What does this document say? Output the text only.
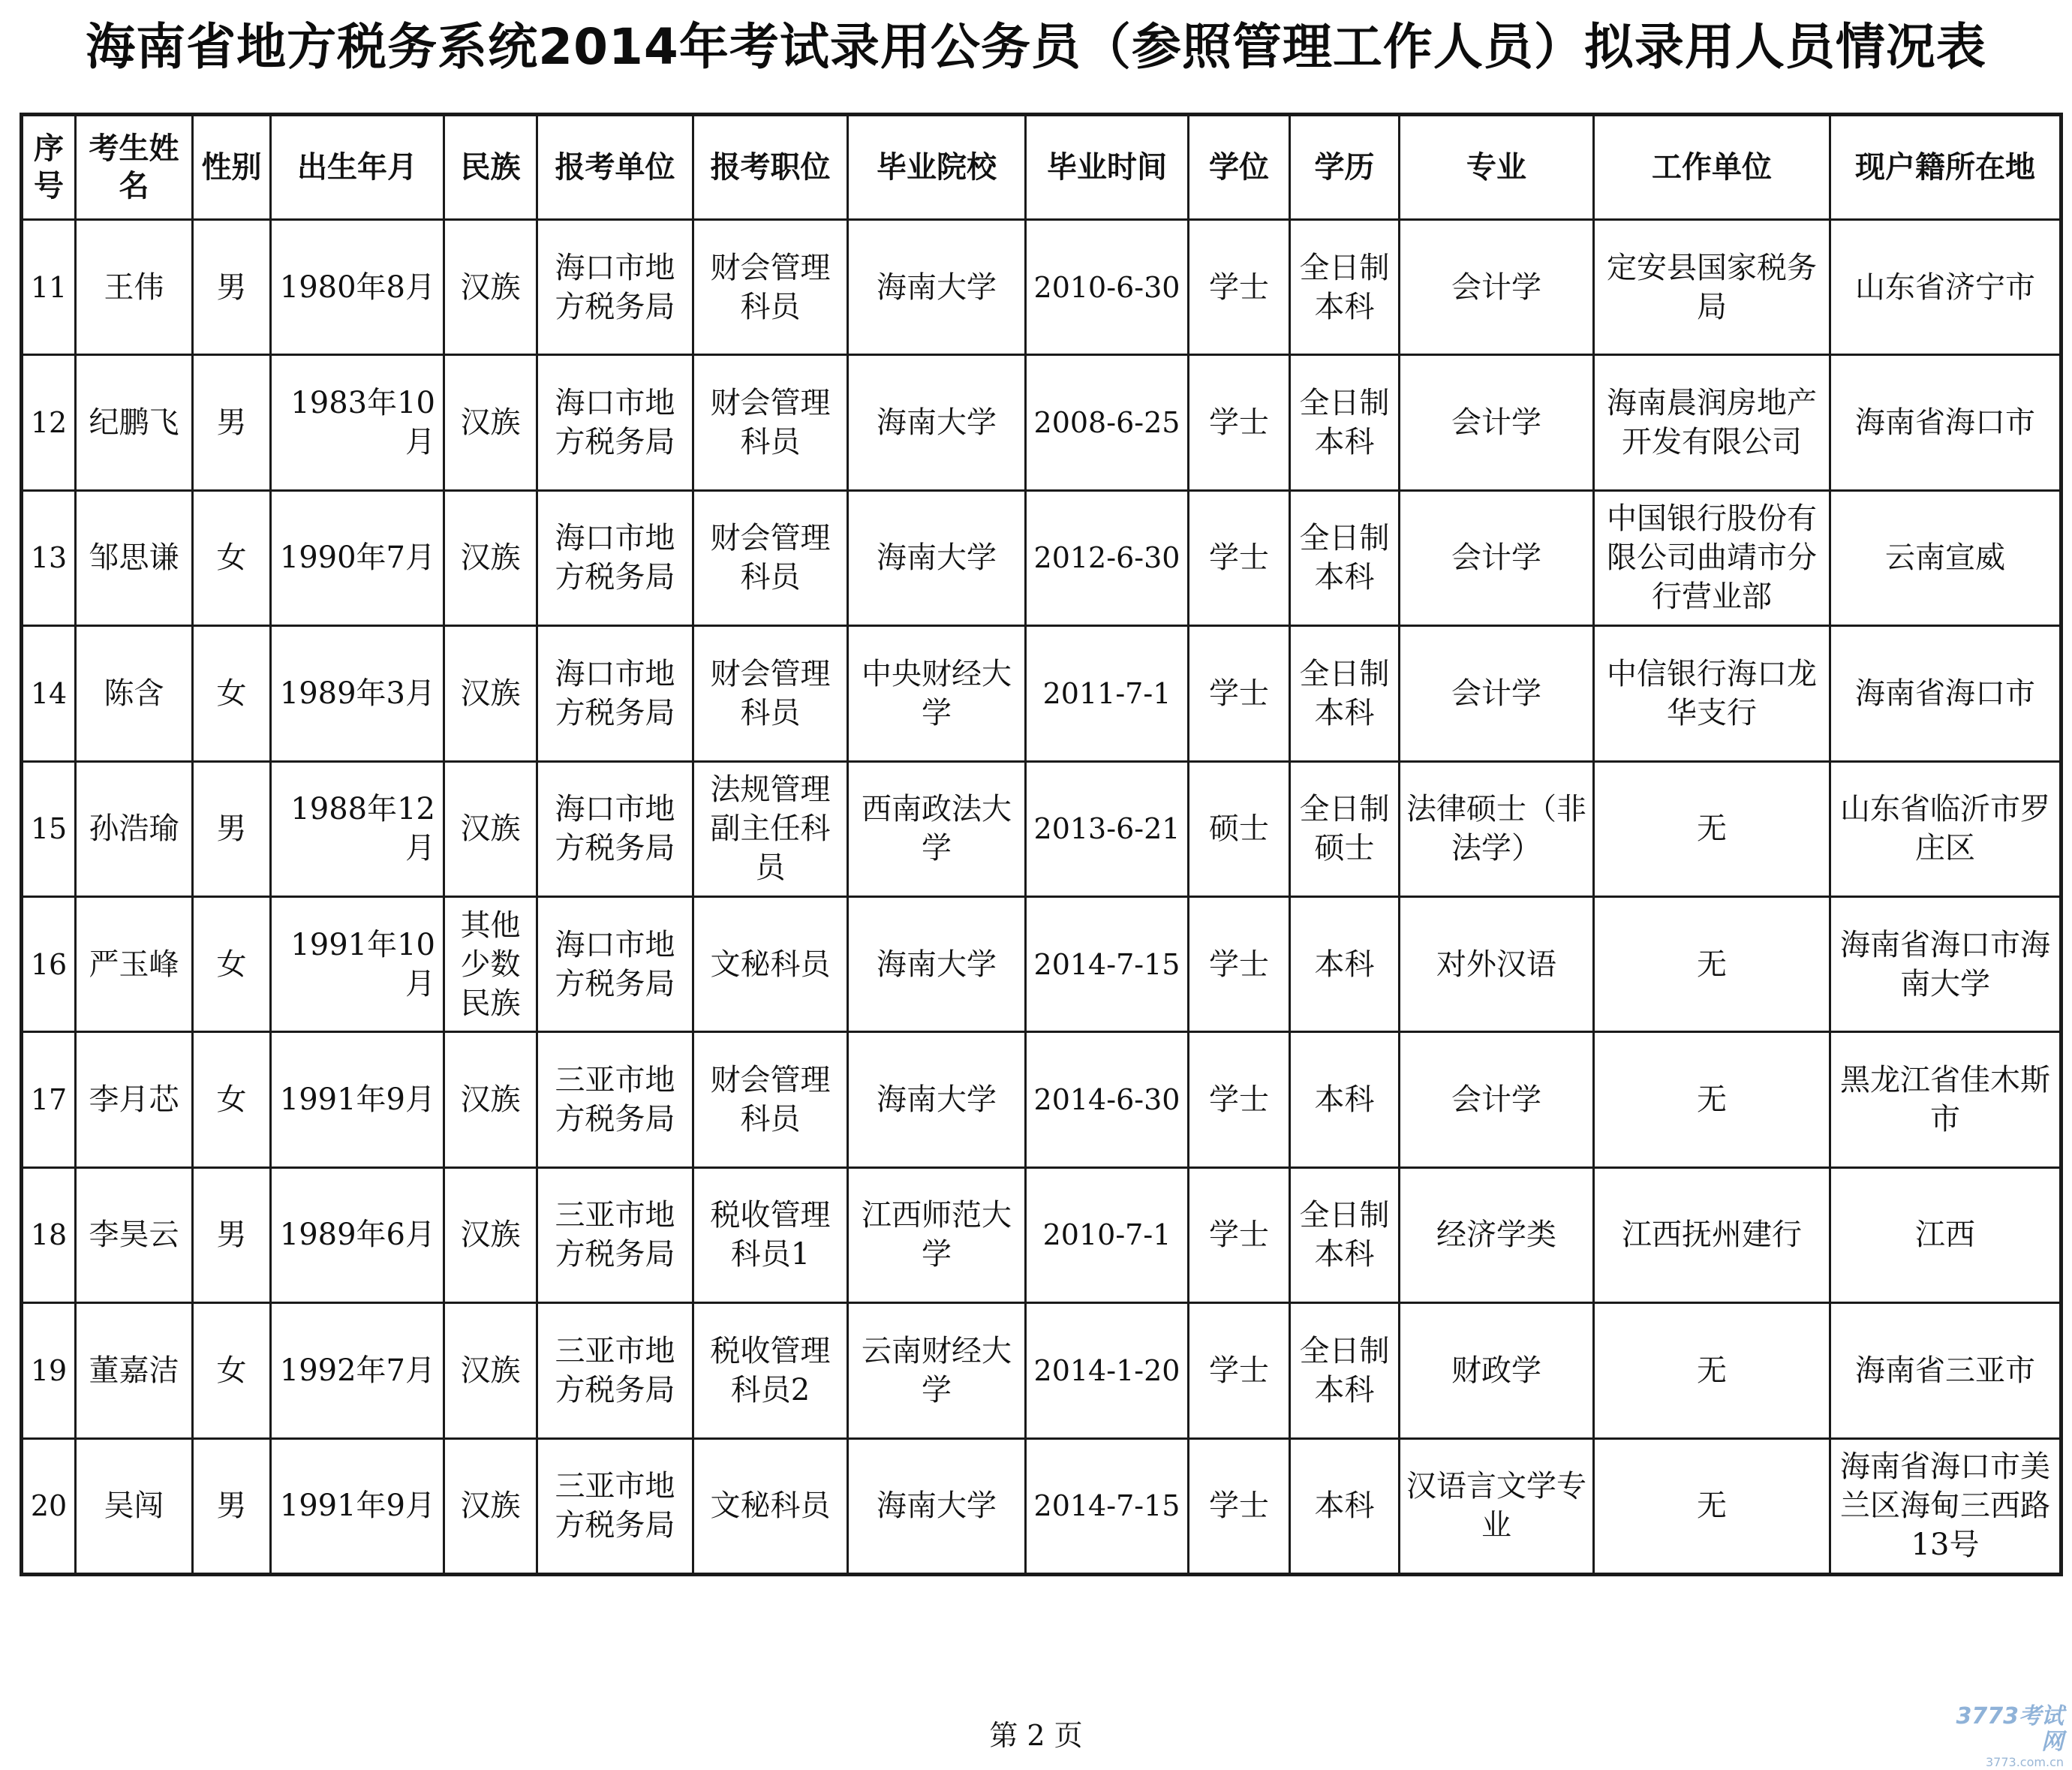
海南省地方税务系统2014年考试录用公务员（参照管理工作人员）拟录用人员情况表
序号	考生姓名	性别	出生年月	民族	报考单位	报考职位	毕业院校	毕业时间	学位	学历	专业	工作单位	现户籍所在地
11	王伟	男	1980年8月	汉族	海口市地方税务局	财会管理科员	海南大学	2010-6-30	学士	全日制本科	会计学	定安县国家税务局	山东省济宁市
12	纪鹏飞	男	1983年10月	汉族	海口市地方税务局	财会管理科员	海南大学	2008-6-25	学士	全日制本科	会计学	海南晨润房地产开发有限公司	海南省海口市
13	邹思谦	女	1990年7月	汉族	海口市地方税务局	财会管理科员	海南大学	2012-6-30	学士	全日制本科	会计学	中国银行股份有限公司曲靖市分行营业部	云南宣威
14	陈含	女	1989年3月	汉族	海口市地方税务局	财会管理科员	中央财经大学	2011-7-1	学士	全日制本科	会计学	中信银行海口龙华支行	海南省海口市
15	孙浩瑜	男	1988年12月	汉族	海口市地方税务局	法规管理副主任科员	西南政法大学	2013-6-21	硕士	全日制硕士	法律硕士（非法学）	无	山东省临沂市罗庄区
16	严玉峰	女	1991年10月	其他少数民族	海口市地方税务局	文秘科员	海南大学	2014-7-15	学士	本科	对外汉语	无	海南省海口市海南大学
17	李月芯	女	1991年9月	汉族	三亚市地方税务局	财会管理科员	海南大学	2014-6-30	学士	本科	会计学	无	黑龙江省佳木斯市
18	李昊云	男	1989年6月	汉族	三亚市地方税务局	税收管理科员1	江西师范大学	2010-7-1	学士	全日制本科	经济学类	江西抚州建行	江西
19	董嘉洁	女	1992年7月	汉族	三亚市地方税务局	税收管理科员2	云南财经大学	2014-1-20	学士	全日制本科	财政学	无	海南省三亚市
20	吴闯	男	1991年9月	汉族	三亚市地方税务局	文秘科员	海南大学	2014-7-15	学士	本科	汉语言文学专业	无	海南省海口市美兰区海甸三西路13号
第 2 页
3773考试网
3773.com.cn
